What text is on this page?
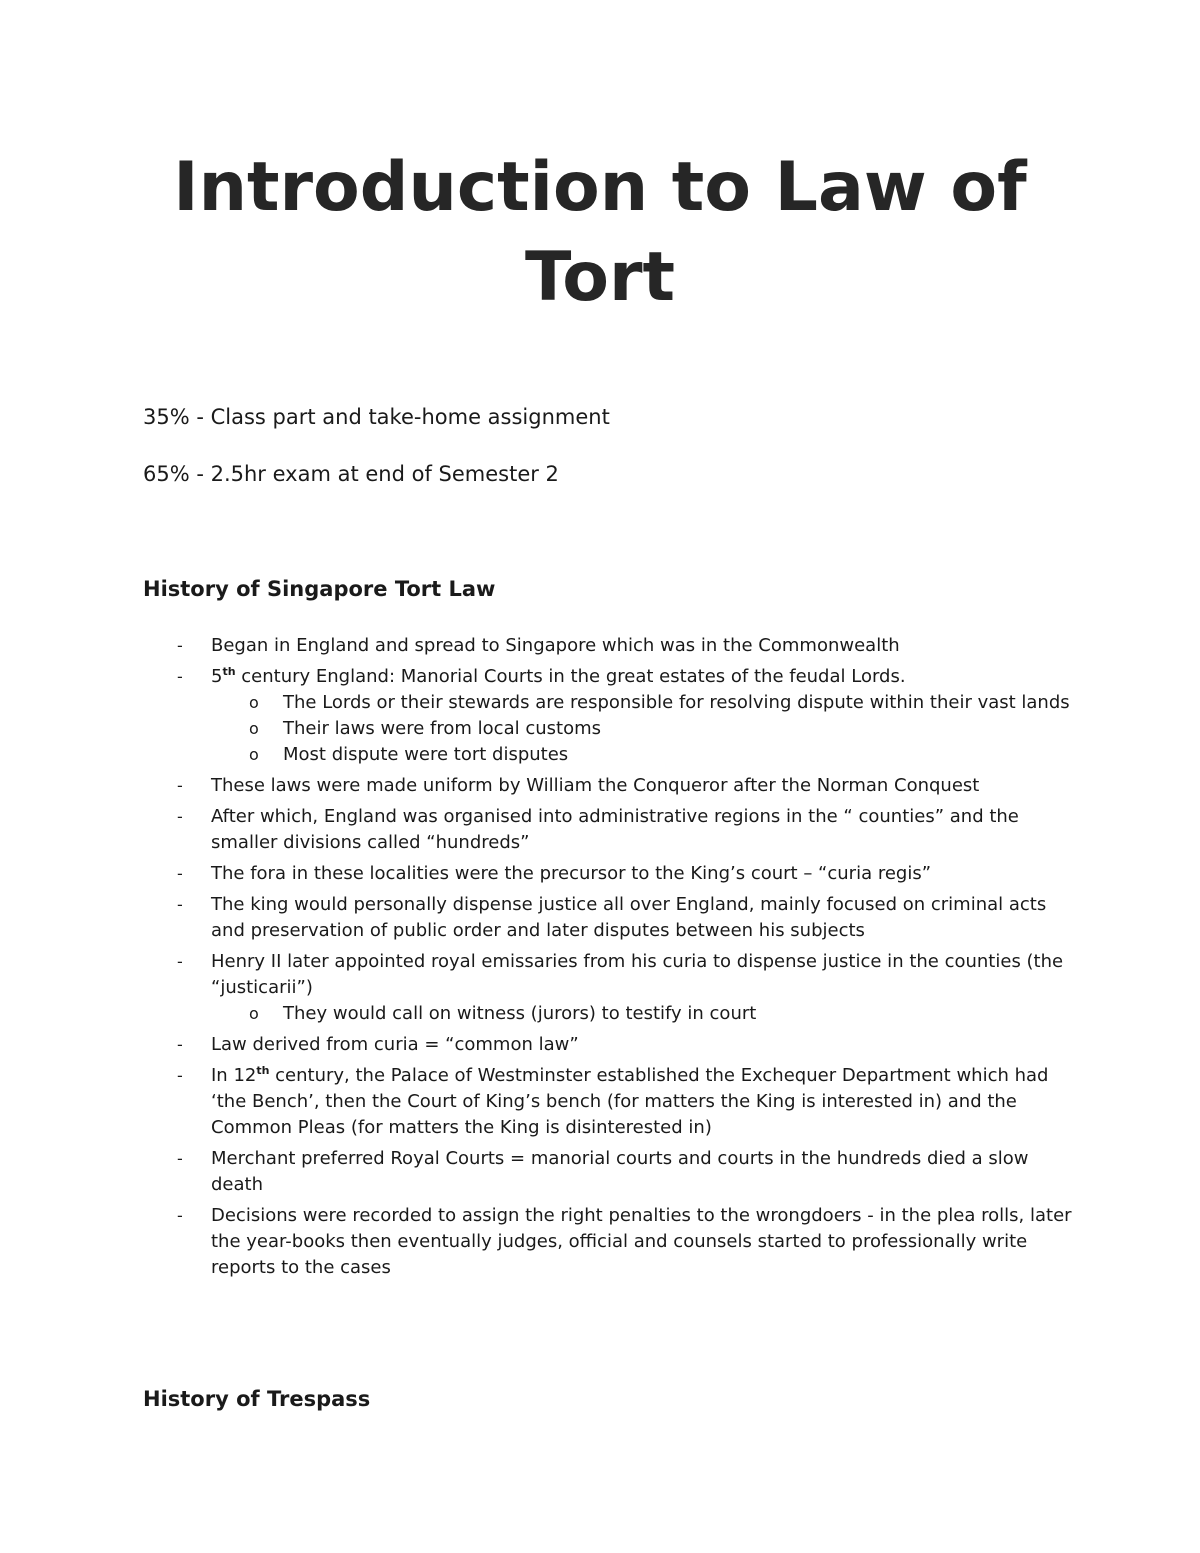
Introduction to Law of
Tort

35% - Class part and take-home assignment

65% - 2.5hr exam at end of Semester 2

History of Singapore Tort Law
- Began in England and spread to Singapore which was in the Commonwealth
- 5th century England: Manorial Courts in the great estates of the feudal Lords.
o The Lords or their stewards are responsible for resolving dispute within their vast lands
o Their laws were from local customs
o Most dispute were tort disputes
- These laws were made uniform by William the Conqueror after the Norman Conquest
- After which, England was organised into administrative regions in the “ counties” and the smaller divisions called “hundreds”
- The fora in these localities were the precursor to the King’s court – “curia regis”
- The king would personally dispense justice all over England, mainly focused on criminal acts and preservation of public order and later disputes between his subjects
- Henry II later appointed royal emissaries from his curia to dispense justice in the counties (the “justicarii”)
o They would call on witness (jurors) to testify in court
- Law derived from curia = “common law”
- In 12th century, the Palace of Westminster established the Exchequer Department which had ‘the Bench’, then the Court of King’s bench (for matters the King is interested in) and the Common Pleas (for matters the King is disinterested in)
- Merchant preferred Royal Courts = manorial courts and courts in the hundreds died a slow death
- Decisions were recorded to assign the right penalties to the wrongdoers - in the plea rolls, later the year-books then eventually judges, official and counsels started to professionally write reports to the cases
History of Trespass
